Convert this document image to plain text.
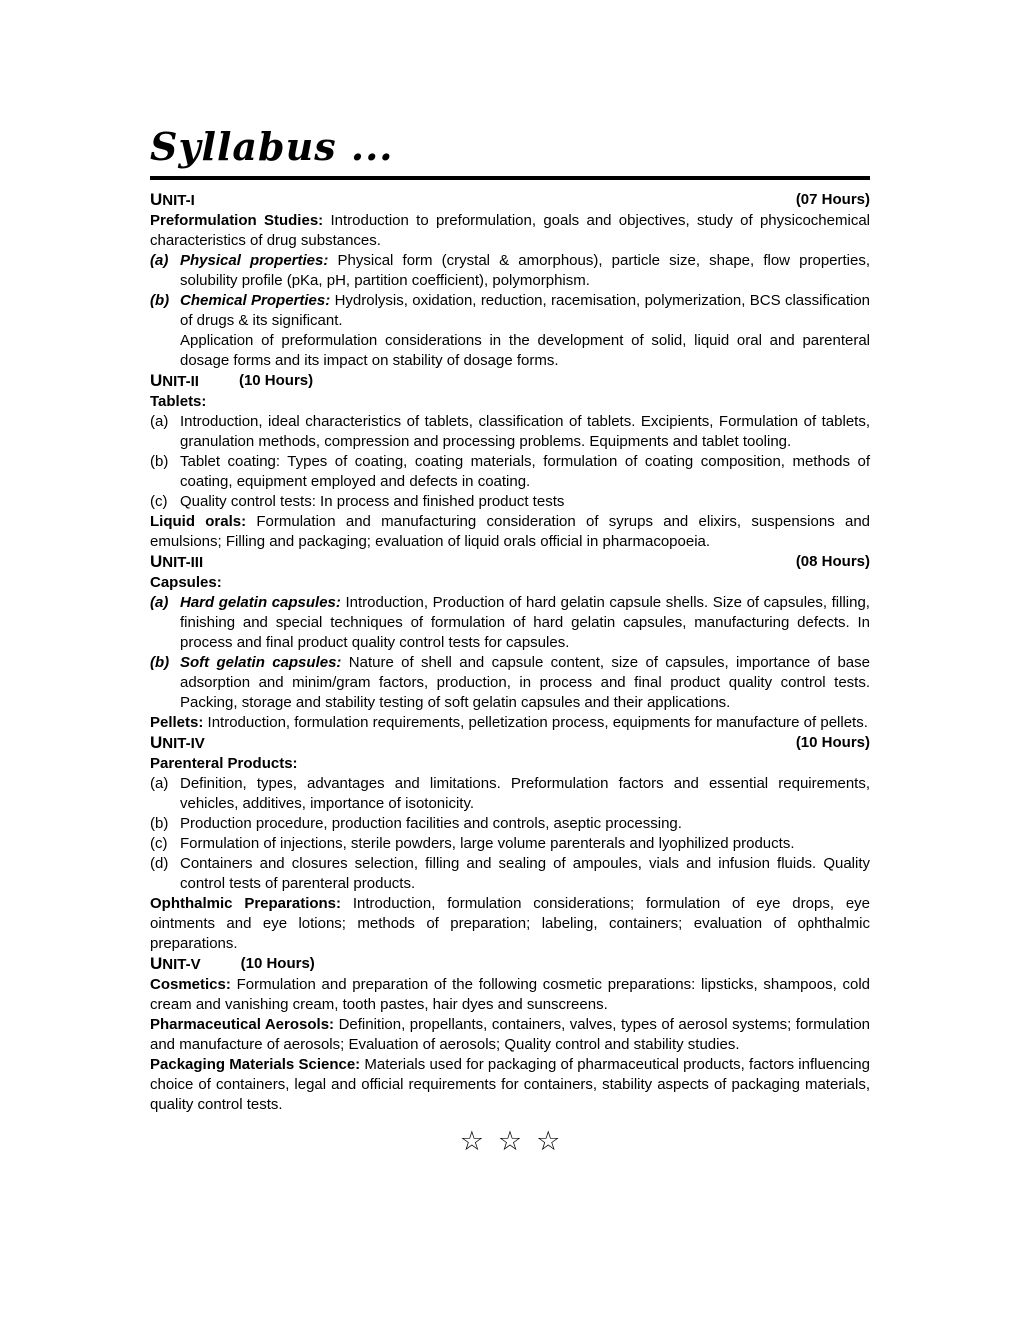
Syllabus ...
UNIT-I	(07 Hours)
Preformulation Studies: Introduction to preformulation, goals and objectives, study of physicochemical characteristics of drug substances.
(a) Physical properties: Physical form (crystal & amorphous), particle size, shape, flow properties, solubility profile (pKa, pH, partition coefficient), polymorphism.
(b) Chemical Properties: Hydrolysis, oxidation, reduction, racemisation, polymerization, BCS classification of drugs & its significant.
Application of preformulation considerations in the development of solid, liquid oral and parenteral dosage forms and its impact on stability of dosage forms.
UNIT-II	(10 Hours)
Tablets:
(a) Introduction, ideal characteristics of tablets, classification of tablets. Excipients, Formulation of tablets, granulation methods, compression and processing problems. Equipments and tablet tooling.
(b) Tablet coating: Types of coating, coating materials, formulation of coating composition, methods of coating, equipment employed and defects in coating.
(c) Quality control tests: In process and finished product tests
Liquid orals: Formulation and manufacturing consideration of syrups and elixirs, suspensions and emulsions; Filling and packaging; evaluation of liquid orals official in pharmacopoeia.
UNIT-III	(08 Hours)
Capsules:
(a) Hard gelatin capsules: Introduction, Production of hard gelatin capsule shells. Size of capsules, filling, finishing and special techniques of formulation of hard gelatin capsules, manufacturing defects. In process and final product quality control tests for capsules.
(b) Soft gelatin capsules: Nature of shell and capsule content, size of capsules, importance of base adsorption and minim/gram factors, production, in process and final product quality control tests. Packing, storage and stability testing of soft gelatin capsules and their applications.
Pellets: Introduction, formulation requirements, pelletization process, equipments for manufacture of pellets.
UNIT-IV	(10 Hours)
Parenteral Products:
(a) Definition, types, advantages and limitations. Preformulation factors and essential requirements, vehicles, additives, importance of isotonicity.
(b) Production procedure, production facilities and controls, aseptic processing.
(c) Formulation of injections, sterile powders, large volume parenterals and lyophilized products.
(d) Containers and closures selection, filling and sealing of ampoules, vials and infusion fluids. Quality control tests of parenteral products.
Ophthalmic Preparations: Introduction, formulation considerations; formulation of eye drops, eye ointments and eye lotions; methods of preparation; labeling, containers; evaluation of ophthalmic preparations.
UNIT-V	(10 Hours)
Cosmetics: Formulation and preparation of the following cosmetic preparations: lipsticks, shampoos, cold cream and vanishing cream, tooth pastes, hair dyes and sunscreens.
Pharmaceutical Aerosols: Definition, propellants, containers, valves, types of aerosol systems; formulation and manufacture of aerosols; Evaluation of aerosols; Quality control and stability studies.
Packaging Materials Science: Materials used for packaging of pharmaceutical products, factors influencing choice of containers, legal and official requirements for containers, stability aspects of packaging materials, quality control tests.
☆☆☆
